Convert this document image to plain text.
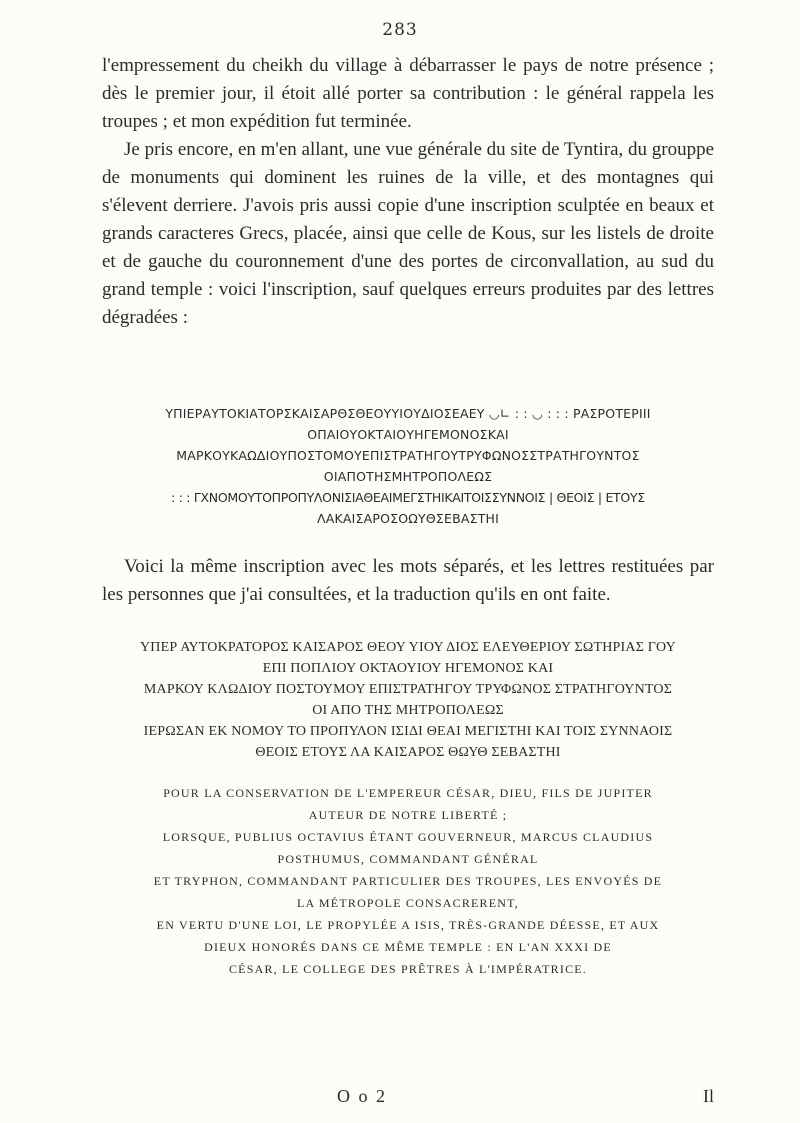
283

l'empressement du cheikh du village à débarrasser le pays de notre présence ; dès le premier jour, il étoit allé porter sa contribution : le général rappela les troupes ; et mon expédition fut terminée.

Je pris encore, en m'en allant, une vue générale du site de Tyntira, du grouppe de monuments qui dominent les ruines de la ville, et des montagnes qui s'élevent derriere. J'avois pris aussi copie d'une inscription sculptée en beaux et grands caracteres Grecs, placée, ainsi que celle de Kous, sur les listels de droite et de gauche du couronnement d'une des portes de circonvallation, au sud du grand temple : voici l'inscription, sauf quelques erreurs produites par des lettres dégradées :

ΥΠΙΕΡΑΥΤΟΚΙΑΤΟΡΣΚΑΙΣΑΡΘΣΘΕΟΥΥΙΟΥΔΙΟΣΕΑΕΥ ◡∟ : : ◡ : : : ΡΑΣΡΟΤΕΡΙΙΙ
ΟΠΑΙΟΥΟΚΤΑΙΟΥΗΓΕΜΟΝΟΣΚΑΙ
ΜΑΡΚΟΥΚΑΩΔΙΟΥΠΟΣΤΟΜΟΥΕΠΙΣΤΡΑΤΗΓΟΥΤΡΥΦΩΝΟΣΣΤΡΑΤΗΓΟΥΝΤΟΣ
ΟΙΑΠΟΤΗΣΜΗΤΡΟΠΟΛΕΩΣ
: : : ΓΧΝΟΜΟΥΤΟΠΡΟΠΥΛΟΝΙΣΙΑΘΕΑΙΜΕΓΣΤΗΙΚΑΙΤΟΙΣΣΥΝΝΟΙΣ | ΘΕΟΙΣ | ΕΤΟΥΣ
ΛΑΚΑΙΣΑΡΟΣΟΩΥΘΣΕΒΑΣΤΗΙ
Voici la même inscription avec les mots séparés, et les lettres restituées par les personnes que j'ai consultées, et la traduction qu'ils en ont faite.
ΥΠΕΡ ΑΥΤΟΚΡΑΤΟΡΟΣ ΚΑΙΣΑΡΟΣ ΘΕΟΥ ΥΙΟΥ ΔΙΟΣ ΕΛΕΥΘΕΡΙΟΥ ΣΩΤΗΡΙΑΣ ΓΟΥ
ΕΠΙ ΠΟΠΛΙΟΥ ΟΚΤΑΟΥΙΟΥ ΗΓΕΜΟΝΟΣ ΚΑΙ
ΜΑΡΚΟΥ ΚΛΩΔΙΟΥ ΠΟΣΤΟΥΜΟΥ ΕΠΙΣΤΡΑΤΗΓΟΥ ΤΡΥΦΩΝΟΣ ΣΤΡΑΤΗΓΟΥΝΤΟΣ
ΟΙ ΑΠΟ ΤΗΣ ΜΗΤΡΟΠΟΛΕΩΣ
ΙΕΡΩΣΑΝ ΕΚ ΝΟΜΟΥ ΤΟ ΠΡΟΠΥΛΟΝ ΙΣΙΔΙ ΘΕΑΙ ΜΕΓΙΣΤΗΙ ΚΑΙ ΤΟΙΣ ΣΥΝΝΑΟΙΣ
ΘΕΟΙΣ ΕΤΟΥΣ ΛΑ ΚΑΙΣΑΡΟΣ ΘΩΥΘ ΣΕΒΑΣΤΗΙ
POUR LA CONSERVATION DE L'EMPEREUR CÉSAR, DIEU, FILS DE JUPITER
AUTEUR DE NOTRE LIBERTÉ ;
LORSQUE, PUBLIUS OCTAVIUS ÉTANT GOUVERNEUR, MARCUS CLAUDIUS
POSTHUMUS, COMMANDANT GÉNÉRAL
ET TRYPHON, COMMANDANT PARTICULIER DES TROUPES, LES ENVOYÉS DE
LA MÉTROPOLE CONSACRERENT,
EN VERTU D'UNE LOI, LE PROPYLÉE A ISIS, TRÈS-GRANDE DÉESSE, ET AUX
DIEUX HONORÉS DANS CE MÊME TEMPLE : EN L'AN XXXI DE
CÉSAR, LE COLLEGE DES PRÊTRES À L'IMPÉRATRICE.
O o 2	Il
